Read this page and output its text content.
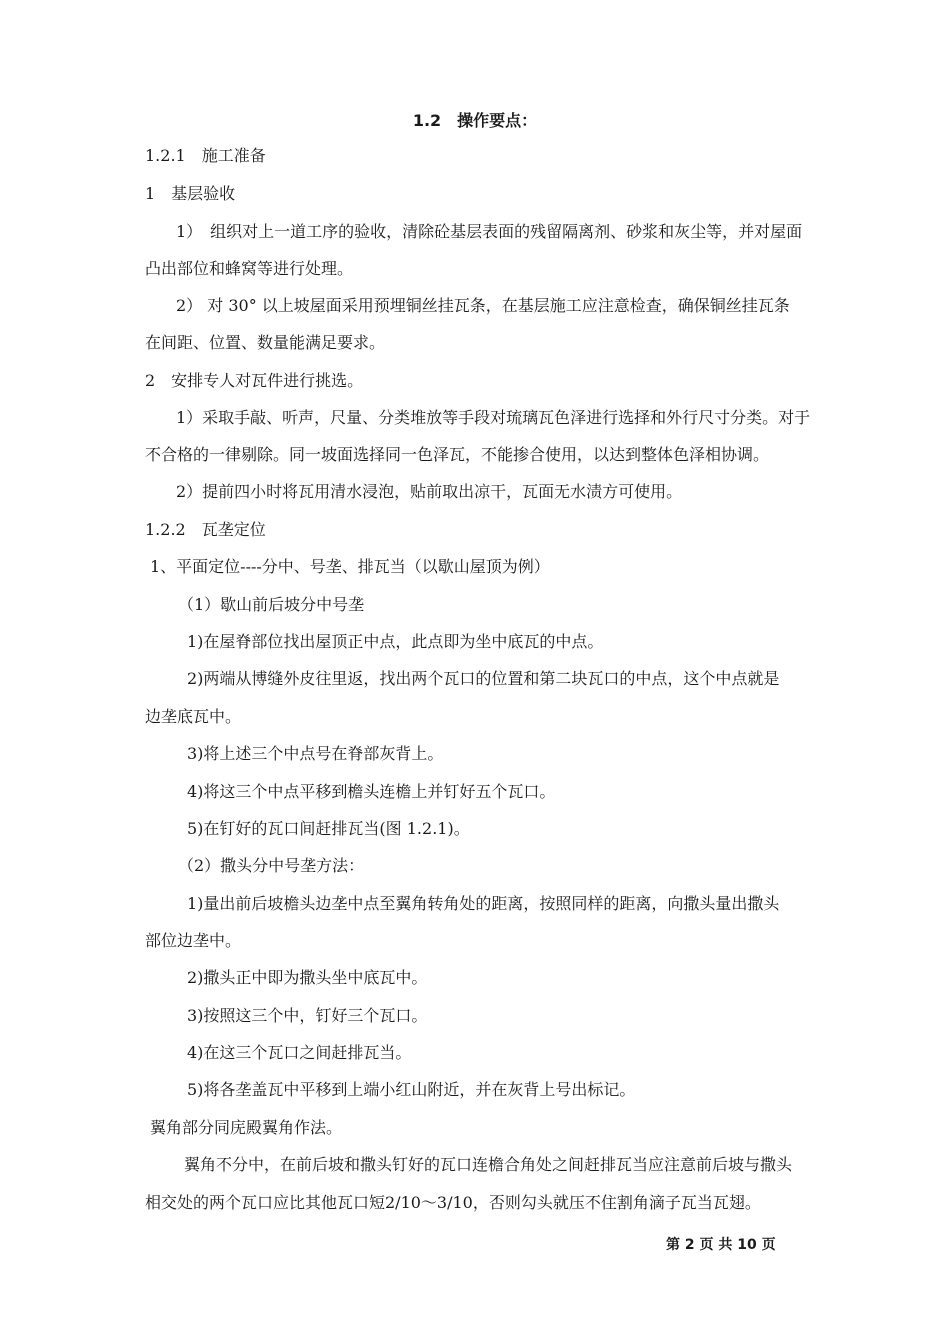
1.2　操作要点：
1.2.1　施工准备
1　基层验收
1）　组织对上一道工序的验收，清除砼基层表面的残留隔离剂、砂浆和灰尘等，并对屋面
凸出部位和蜂窝等进行处理。
2） 对 30° 以上坡屋面采用预埋铜丝挂瓦条，在基层施工应注意检查，确保铜丝挂瓦条
在间距、位置、数量能满足要求。
2　安排专人对瓦件进行挑选。
1）采取手敲、听声，尺量、分类堆放等手段对琉璃瓦色泽进行选择和外行尺寸分类。对于
不合格的一律剔除。同一坡面选择同一色泽瓦，不能掺合使用，以达到整体色泽相协调。
2）提前四小时将瓦用清水浸泡，贴前取出凉干，瓦面无水渍方可使用。
1.2.2　瓦垄定位
1、平面定位----分中、号垄、排瓦当（以歇山屋顶为例）
（1）歇山前后坡分中号垄
1)在屋脊部位找出屋顶正中点，此点即为坐中底瓦的中点。
2)两端从博缝外皮往里返，找出两个瓦口的位置和第二块瓦口的中点，这个中点就是
边垄底瓦中。
3)将上述三个中点号在脊部灰背上。
4)将这三个中点平移到檐头连檐上并钉好五个瓦口。
5)在钉好的瓦口间赶排瓦当(图 1.2.1)。
（2）撒头分中号垄方法：
1)量出前后坡檐头边垄中点至翼角转角处的距离，按照同样的距离，向撒头量出撒头
部位边垄中。
2)撒头正中即为撒头坐中底瓦中。
3)按照这三个中，钉好三个瓦口。
4)在这三个瓦口之间赶排瓦当。
5)将各垄盖瓦中平移到上端小红山附近，并在灰背上号出标记。
翼角部分同庑殿翼角作法。
翼角不分中，在前后坡和撒头钉好的瓦口连檐合角处之间赶排瓦当应注意前后坡与撒头
相交处的两个瓦口应比其他瓦口短2/10～3/10，否则勾头就压不住割角滴子瓦当瓦翅。
第 2 页 共 10 页
